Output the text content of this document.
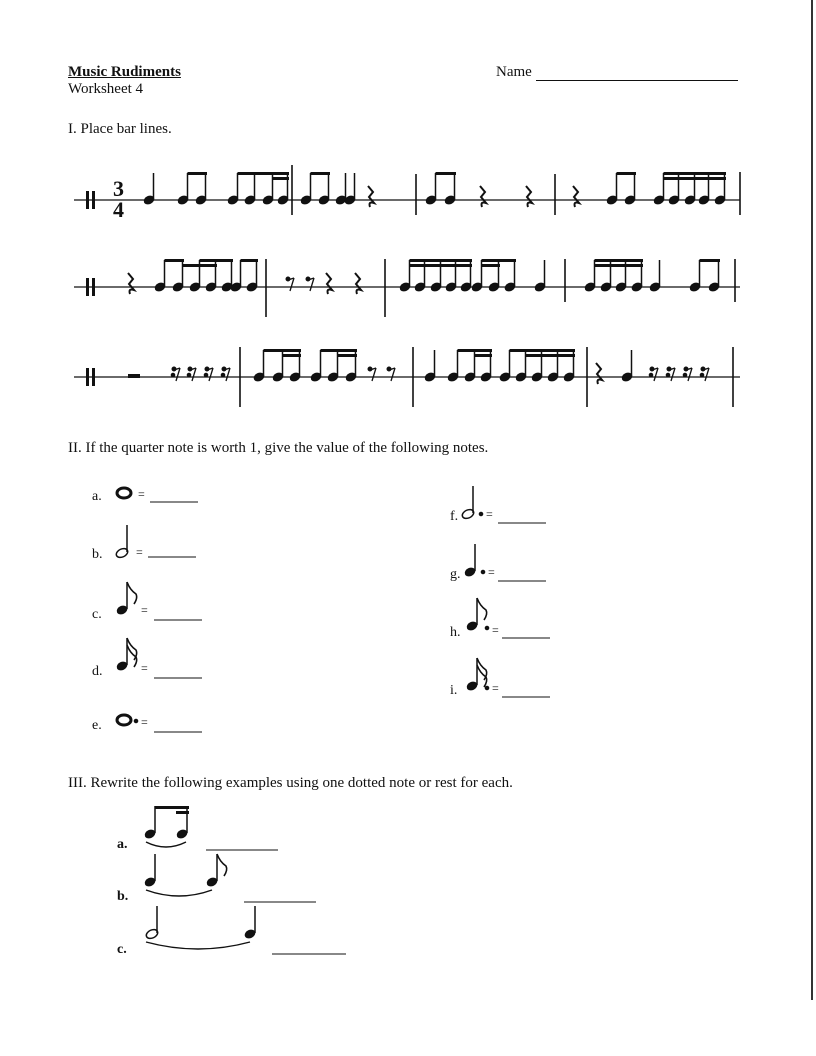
Music Rudiments
Worksheet 4
Name
I. Place bar lines.
3
4
II. If the quarter note is worth 1, give the value of the following notes.
a.	=
b.	=
c.	=
d.	=
e.	=
f. =
g. =
h.	=
i.	=
III. Rewrite the following examples using one dotted note or rest for each.
a.
b.
c.
